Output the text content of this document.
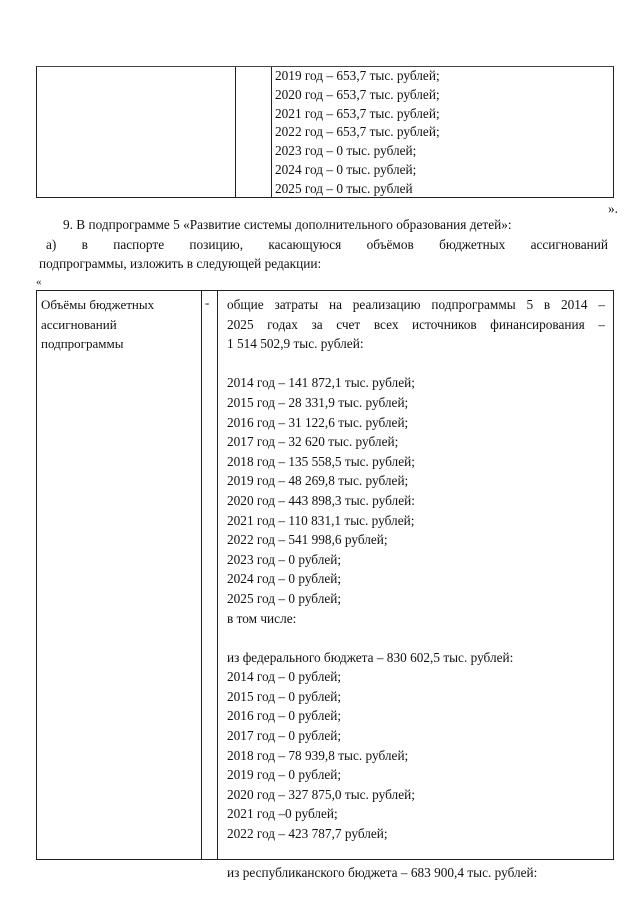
2019 год – 653,7 тыс. рублей;
2020 год – 653,7 тыс. рублей;
2021 год – 653,7 тыс. рублей;
2022 год – 653,7 тыс. рублей;
2023 год – 0 тыс. рублей;
2024 год – 0 тыс. рублей;
2025 год – 0 тыс. рублей
».
9. В подпрограмме 5 «Развитие системы дополнительного образования детей»:
а) в паспорте позицию, касающуюся объёмов бюджетных ассигнований
подпрограммы, изложить в следующей редакции:
«
Объёмы бюджетных
ассигнований
подпрограммы
- общие затраты на реализацию подпрограммы 5 в 2014 –
2025 годах за счет всех источников финансирования –
1 514 502,9 тыс. рублей:
2014 год – 141 872,1 тыс. рублей;
2015 год – 28 331,9 тыс. рублей;
2016 год – 31 122,6 тыс. рублей;
2017 год – 32 620 тыс. рублей;
2018 год – 135 558,5 тыс. рублей;
2019 год – 48 269,8 тыс. рублей;
2020 год – 443 898,3 тыс. рублей:
2021 год – 110 831,1 тыс. рублей;
2022 год – 541 998,6 рублей;
2023 год – 0 рублей;
2024 год – 0 рублей;
2025 год – 0 рублей;
в том числе:
из федерального бюджета – 830 602,5 тыс. рублей:
2014 год – 0 рублей;
2015 год – 0 рублей;
2016 год – 0 рублей;
2017 год – 0 рублей;
2018 год – 78 939,8 тыс. рублей;
2019 год – 0 рублей;
2020 год – 327 875,0 тыс. рублей;
2021 год –0 рублей;
2022 год – 423 787,7 рублей;
из республиканского бюджета – 683 900,4 тыс. рублей:
